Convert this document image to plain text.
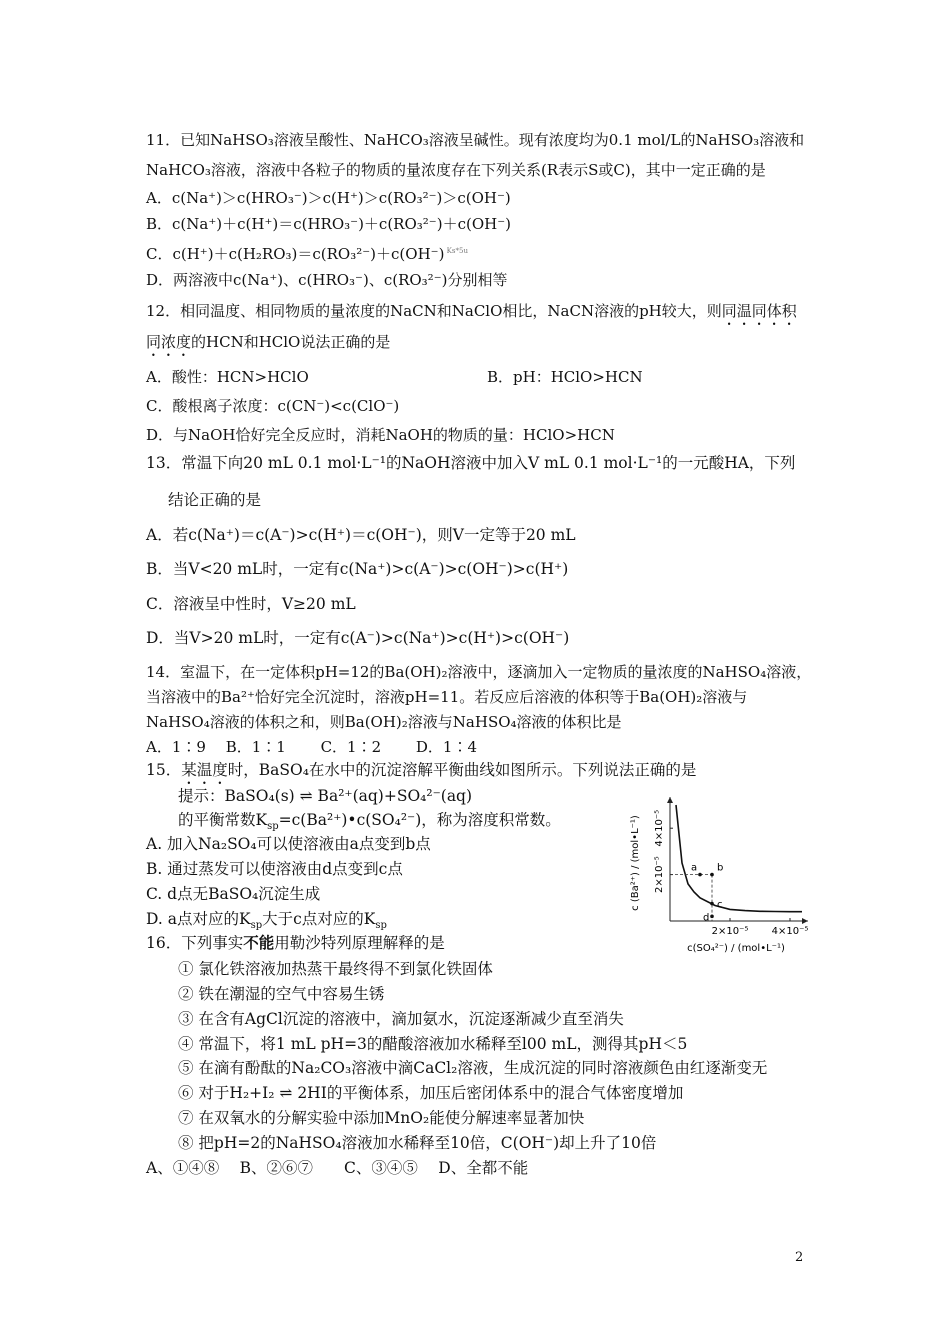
11．已知NaHSO₃溶液呈酸性、NaHCO₃溶液呈碱性。现有浓度均为0.1 mol/L的NaHSO₃溶液和
NaHCO₃溶液，溶液中各粒子的物质的量浓度存在下列关系(R表示S或C)，其中一定正确的是
A．c(Na⁺)＞c(HRO₃⁻)＞c(H⁺)＞c(RO₃²⁻)＞c(OH⁻)
B．c(Na⁺)＋c(H⁺)＝c(HRO₃⁻)＋c(RO₃²⁻)＋c(OH⁻)
C．c(H⁺)＋c(H₂RO₃)＝c(RO₃²⁻)＋c(OH⁻) $^{Ks*5u}$
D．两溶液中c(Na⁺)、c(HRO₃⁻)、c(RO₃²⁻)分别相等
12．相同温度、相同物质的量浓度的NaCN和NaClO相比，NaCN溶液的pH较大，则同温同体积
同浓度的HCN和HClO说法正确的是
A．酸性：HCN>HClO	B．pH：HClO>HCN
C．酸根离子浓度：c(CN⁻)<c(ClO⁻)
D．与NaOH恰好完全反应时，消耗NaOH的物质的量：HClO>HCN
13．常温下向20 mL 0.1 mol·L⁻¹的NaOH溶液中加入V mL 0.1 mol·L⁻¹的一元酸HA，下列
结论正确的是
A．若c(Na⁺)＝c(A⁻)>c(H⁺)＝c(OH⁻)，则V一定等于20 mL
B．当V<20 mL时，一定有c(Na⁺)>c(A⁻)>c(OH⁻)>c(H⁺)
C．溶液呈中性时，V≥20 mL
D．当V>20 mL时，一定有c(A⁻)>c(Na⁺)>c(H⁺)>c(OH⁻)
14．室温下，在一定体积pH=12的Ba(OH)₂溶液中，逐滴加入一定物质的量浓度的NaHSO₄溶液，
当溶液中的Ba²⁺恰好完全沉淀时，溶液pH=11。若反应后溶液的体积等于Ba(OH)₂溶液与
NaHSO₄溶液的体积之和，则Ba(OH)₂溶液与NaHSO₄溶液的体积比是
A．1∶9　 B．1∶1　　 C．1∶2　　 D．1∶4
15．某温度时，BaSO₄在水中的沉淀溶解平衡曲线如图所示。下列说法正确的是
提示：BaSO₄(s) ⇌ Ba²⁺(aq)+SO₄²⁻(aq)
的平衡常数$K_{sp}=c(Ba^{2+})•c(SO_4^{2-})$，称为溶度积常数。
A. 加入Na₂SO₄可以使溶液由a点变到b点
B. 通过蒸发可以使溶液由d点变到c点
C. d点无BaSO₄沉淀生成
D. a点对应的$K_{sp}$大于c点对应的$K_{sp}$
16．下列事实不能用勒沙特列原理解释的是
① 氯化铁溶液加热蒸干最终得不到氯化铁固体
② 铁在潮湿的空气中容易生锈
③ 在含有AgCl沉淀的溶液中，滴加氨水，沉淀逐渐减少直至消失
④ 常温下，将1 mL pH=3的醋酸溶液加水稀释至l00 mL，测得其pH＜5
⑤ 在滴有酚酞的Na₂CO₃溶液中滴CaCl₂溶液，生成沉淀的同时溶液颜色由红逐渐变无
⑥ 对于H₂+I₂ ⇌ 2HI的平衡体系，加压后密闭体系中的混合气体密度增加
⑦ 在双氧水的分解实验中添加MnO₂能使分解速率显著加快
⑧ 把pH=2的NaHSO₄溶液加水稀释至10倍，C(OH⁻)却上升了10倍
A、①④⑧　 B、②⑥⑦　　C、③④⑤　 D、全都不能
2
2×10⁻⁵ 4×10⁻⁵
2×10⁻⁵
4×10⁻⁵
c(SO₄²⁻) / (mol•L⁻¹)
c (Ba²⁺) / (mol•L⁻¹)	a b
c
d
